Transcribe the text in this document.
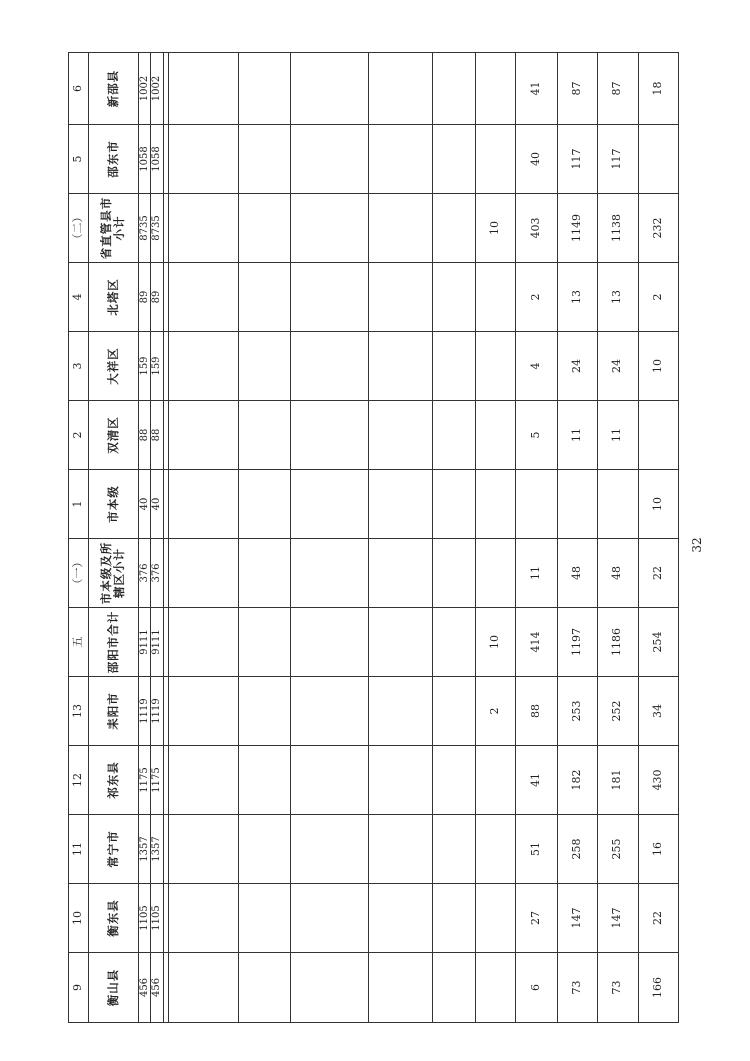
9	10	11	12	13	五	（一）	1	2	3	4	（二）	5	6
衡山县	衡东县	常宁市	祁东县	耒阳市	邵阳市合计	市本级及所辖区小计	市本级	双清区	大祥区	北塔区	省直管县市小计	邵东市	新邵县
456	1105	1357	1175	1119	9111	376	40	88	159	89	8735	1058	1002
456	1105	1357	1175	1119	9111	376	40	88	159	89	8735	1058	1002

				2	10						10		
6	27	51	41	88	414	11		5	4	2	403	40	41
73	147	258	182	253	1197	48		11	24	13	1149	117	87
73	147	255	181	252	1186	48		11	24	13	1138	117	87
166	22	16	430	34	254	22	10		10	2	232		18
32
